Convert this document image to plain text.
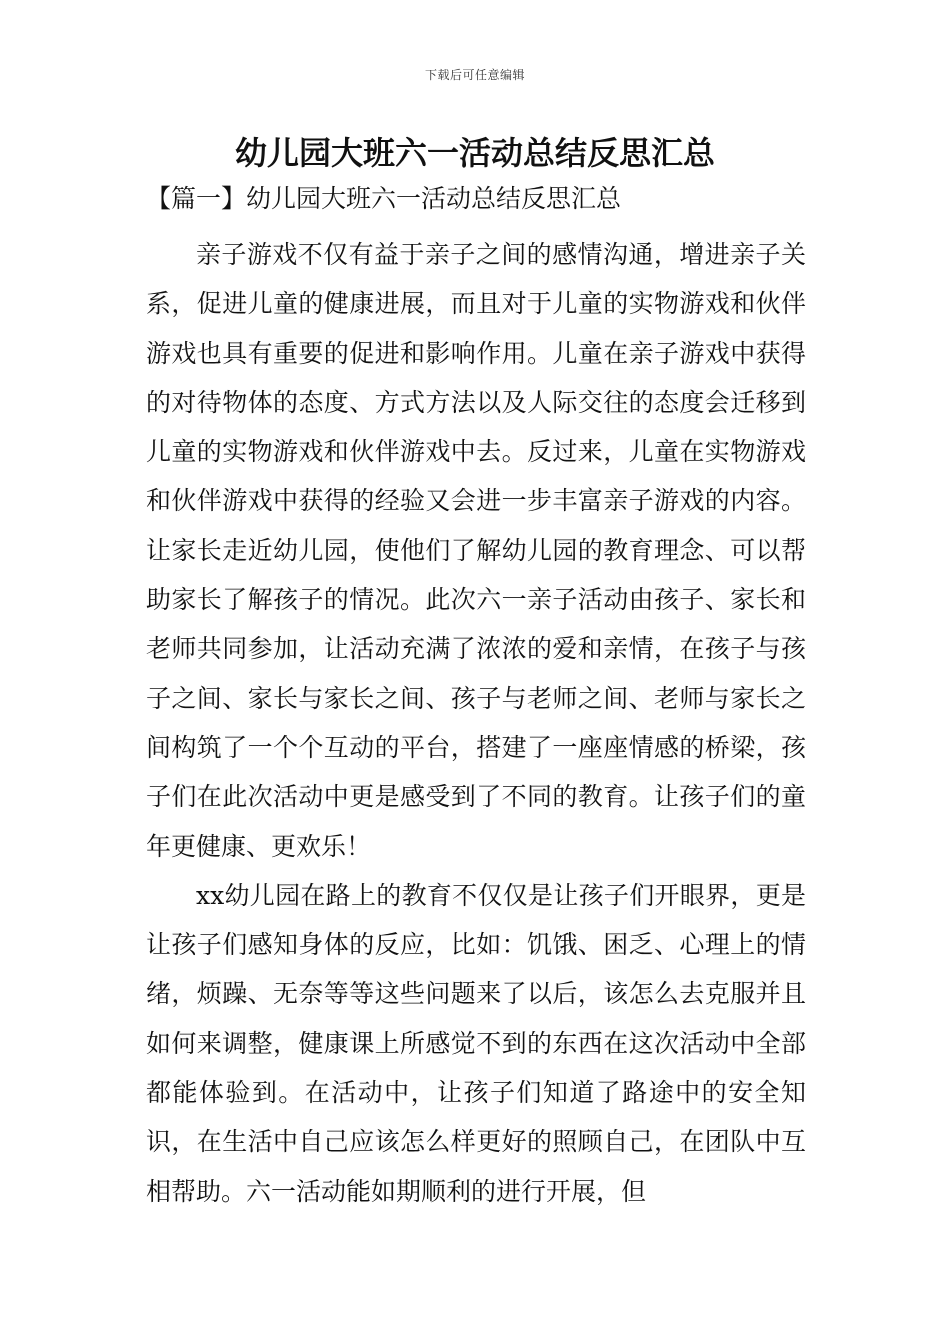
下载后可任意编辑
幼儿园大班六一活动总结反思汇总
【篇一】幼儿园大班六一活动总结反思汇总

亲子游戏不仅有益于亲子之间的感情沟通，增进亲子关系，促进儿童的健康进展，而且对于儿童的实物游戏和伙伴游戏也具有重要的促进和影响作用。儿童在亲子游戏中获得的对待物体的态度、方式方法以及人际交往的态度会迁移到儿童的实物游戏和伙伴游戏中去。反过来，儿童在实物游戏和伙伴游戏中获得的经验又会进一步丰富亲子游戏的内容。让家长走近幼儿园，使他们了解幼儿园的教育理念、可以帮助家长了解孩子的情况。此次六一亲子活动由孩子、家长和老师共同参加，让活动充满了浓浓的爱和亲情，在孩子与孩子之间、家长与家长之间、孩子与老师之间、老师与家长之间构筑了一个个互动的平台，搭建了一座座情感的桥梁，孩子们在此次活动中更是感受到了不同的教育。让孩子们的童年更健康、更欢乐！

xx幼儿园在路上的教育不仅仅是让孩子们开眼界，更是让孩子们感知身体的反应，比如：饥饿、困乏、心理上的情绪，烦躁、无奈等等这些问题来了以后，该怎么去克服并且如何来调整，健康课上所感觉不到的东西在这次活动中全部都能体验到。在活动中，让孩子们知道了路途中的安全知识，在生活中自己应该怎么样更好的照顾自己，在团队中互相帮助。六一活动能如期顺利的进行开展，但
